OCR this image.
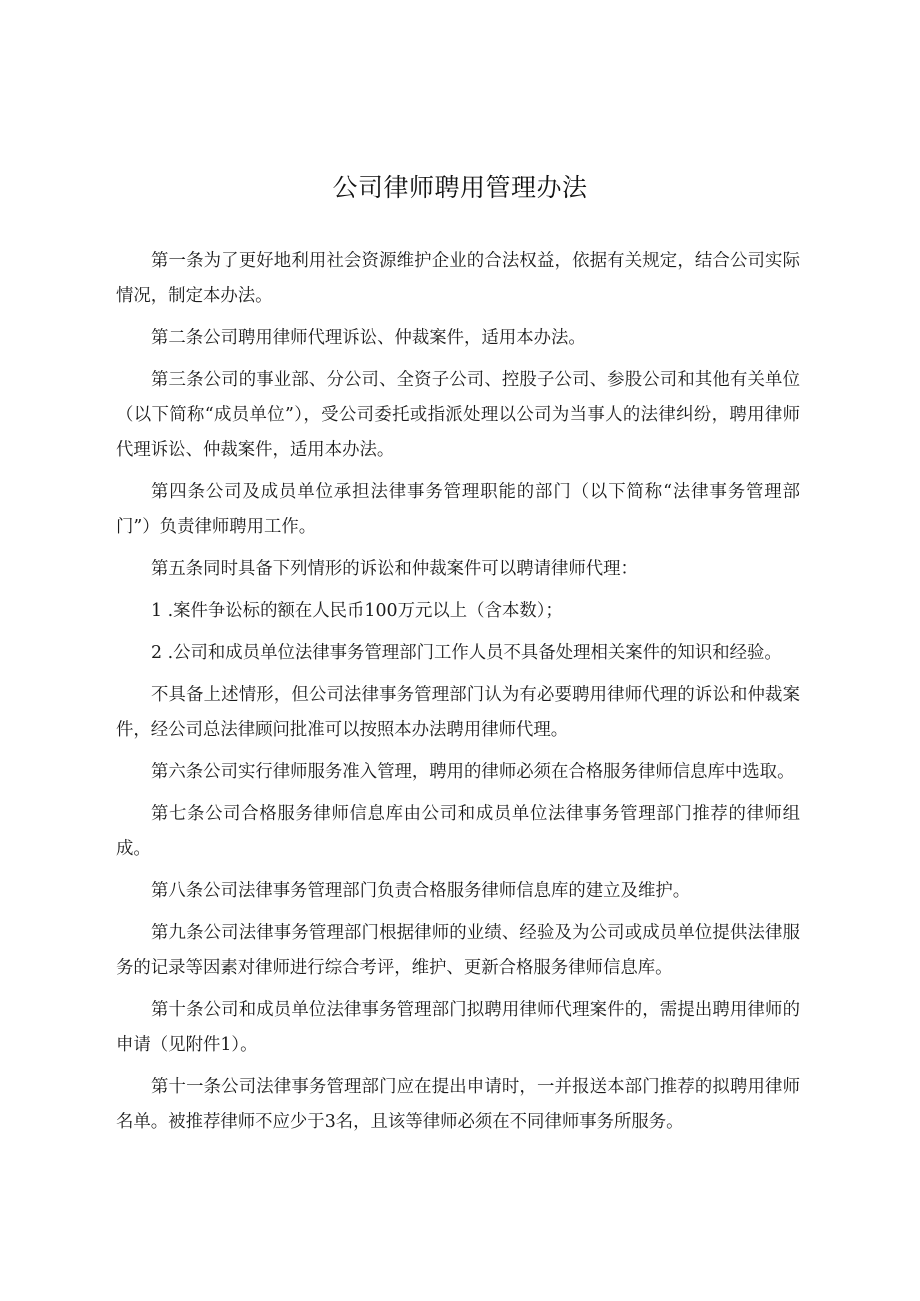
公司律师聘用管理办法

第一条为了更好地利用社会资源维护企业的合法权益，依据有关规定，结合公司实际情况，制定本办法。

第二条公司聘用律师代理诉讼、仲裁案件，适用本办法。

第三条公司的事业部、分公司、全资子公司、控股子公司、参股公司和其他有关单位（以下简称“成员单位”），受公司委托或指派处理以公司为当事人的法律纠纷，聘用律师代理诉讼、仲裁案件，适用本办法。

第四条公司及成员单位承担法律事务管理职能的部门（以下简称“法律事务管理部门”）负责律师聘用工作。

第五条同时具备下列情形的诉讼和仲裁案件可以聘请律师代理：

1 .案件争讼标的额在人民币100万元以上（含本数）；

2 .公司和成员单位法律事务管理部门工作人员不具备处理相关案件的知识和经验。

不具备上述情形，但公司法律事务管理部门认为有必要聘用律师代理的诉讼和仲裁案件，经公司总法律顾问批准可以按照本办法聘用律师代理。

第六条公司实行律师服务准入管理，聘用的律师必须在合格服务律师信息库中选取。

第七条公司合格服务律师信息库由公司和成员单位法律事务管理部门推荐的律师组成。

第八条公司法律事务管理部门负责合格服务律师信息库的建立及维护。

第九条公司法律事务管理部门根据律师的业绩、经验及为公司或成员单位提供法律服务的记录等因素对律师进行综合考评，维护、更新合格服务律师信息库。

第十条公司和成员单位法律事务管理部门拟聘用律师代理案件的，需提出聘用律师的申请（见附件1）。

第十一条公司法律事务管理部门应在提出申请时，一并报送本部门推荐的拟聘用律师名单。被推荐律师不应少于3名，且该等律师必须在不同律师事务所服务。
